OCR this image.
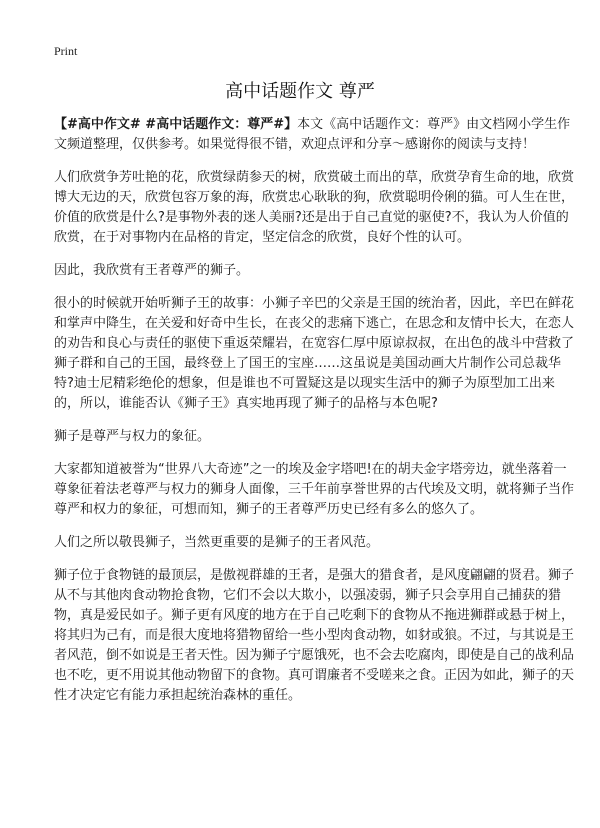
Print
高中话题作文 尊严

【#高中作文# #高中话题作文：尊严#】本文《高中话题作文：尊严》由文档网小学生作文频道整理，仅供参考。如果觉得很不错，欢迎点评和分享～感谢你的阅读与支持！

人们欣赏争芳吐艳的花，欣赏绿荫参天的树，欣赏破土而出的草，欣赏孕育生命的地，欣赏博大无边的天，欣赏包容万象的海，欣赏忠心耿耿的狗，欣赏聪明伶俐的猫。可人生在世，价值的欣赏是什么?是事物外表的迷人美丽?还是出于自己直觉的驱使?不，我认为人价值的欣赏，在于对事物内在品格的肯定，坚定信念的欣赏，良好个性的认可。

因此，我欣赏有王者尊严的狮子。

很小的时候就开始听狮子王的故事：小狮子辛巴的父亲是王国的统治者，因此，辛巴在鲜花和掌声中降生，在关爱和好奇中生长，在丧父的悲痛下逃亡，在思念和友情中长大，在恋人的劝告和良心与责任的驱使下重返荣耀岩，在宽容仁厚中原谅叔叔，在出色的战斗中营救了狮子群和自己的王国，最终登上了国王的宝座……这虽说是美国动画大片制作公司总裁华特?迪士尼精彩绝伦的想象，但是谁也不可置疑这是以现实生活中的狮子为原型加工出来的，所以，谁能否认《狮子王》真实地再现了狮子的品格与本色呢?

狮子是尊严与权力的象征。

大家都知道被誉为“世界八大奇迹”之一的埃及金字塔吧!在的胡夫金字塔旁边，就坐落着一尊象征着法老尊严与权力的狮身人面像，三千年前享誉世界的古代埃及文明，就将狮子当作尊严和权力的象征，可想而知，狮子的王者尊严历史已经有多么的悠久了。

人们之所以敬畏狮子，当然更重要的是狮子的王者风范。

狮子位于食物链的最顶层，是傲视群雄的王者，是强大的猎食者，是风度翩翩的贤君。狮子从不与其他肉食动物抢食物，它们不会以大欺小，以强凌弱，狮子只会享用自己捕获的猎物，真是爱民如子。狮子更有风度的地方在于自己吃剩下的食物从不拖进狮群或悬于树上，将其归为己有，而是很大度地将猎物留给一些小型肉食动物，如豺或狼。不过，与其说是王者风范，倒不如说是王者天性。因为狮子宁愿饿死，也不会去吃腐肉，即使是自己的战利品也不吃，更不用说其他动物留下的食物。真可谓廉者不受嗟来之食。正因为如此，狮子的天性才决定它有能力承担起统治森林的重任。
